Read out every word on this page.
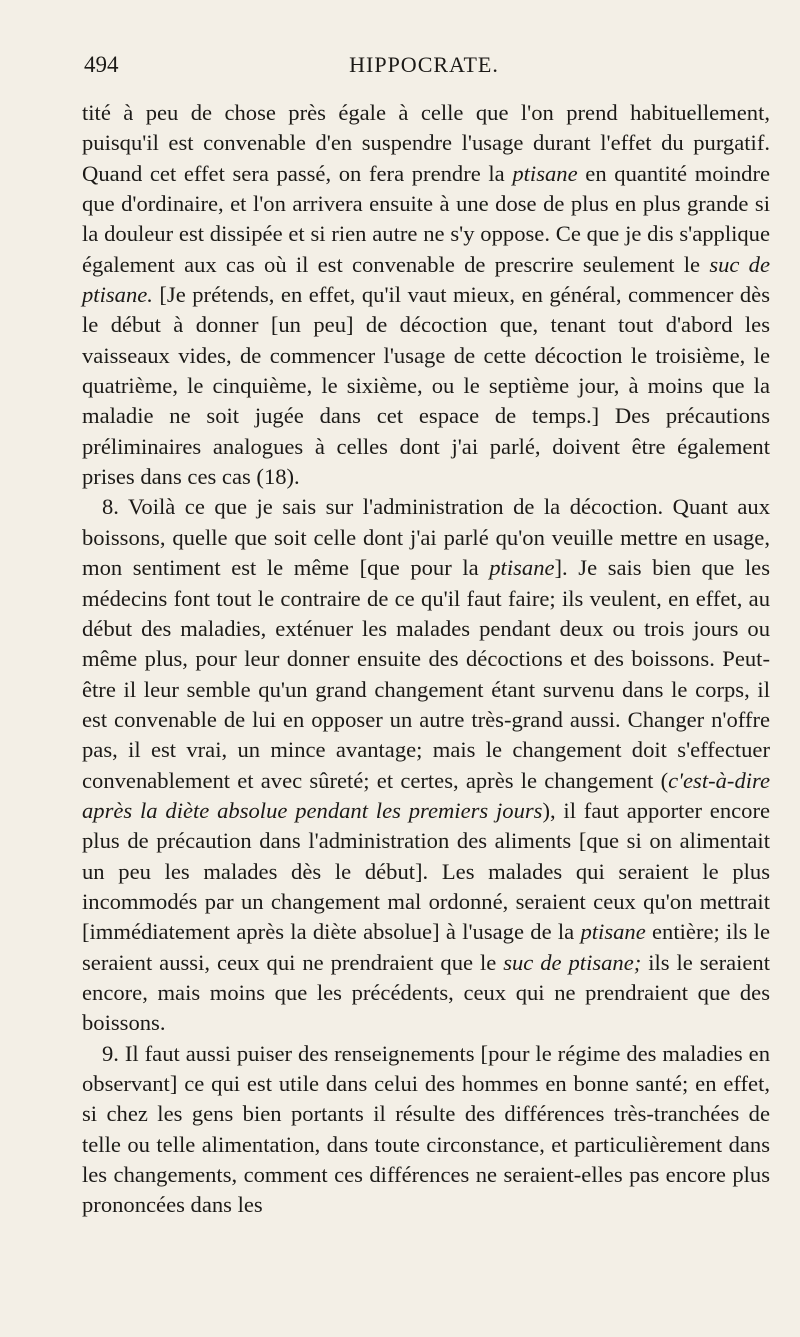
494	HIPPOCRATE.

tité à peu de chose près égale à celle que l'on prend habituellement, puisqu'il est convenable d'en suspendre l'usage durant l'effet du purgatif. Quand cet effet sera passé, on fera prendre la ptisane en quantité moindre que d'ordinaire, et l'on arrivera ensuite à une dose de plus en plus grande si la douleur est dissipée et si rien autre ne s'y oppose. Ce que je dis s'applique également aux cas où il est convenable de prescrire seulement le suc de ptisane. [Je prétends, en effet, qu'il vaut mieux, en général, commencer dès le début à donner [un peu] de décoction que, tenant tout d'abord les vaisseaux vides, de commencer l'usage de cette décoction le troisième, le quatrième, le cinquième, le sixième, ou le septième jour, à moins que la maladie ne soit jugée dans cet espace de temps.] Des précautions préliminaires analogues à celles dont j'ai parlé, doivent être également prises dans ces cas (18).

8. Voilà ce que je sais sur l'administration de la décoction. Quant aux boissons, quelle que soit celle dont j'ai parlé qu'on veuille mettre en usage, mon sentiment est le même [que pour la ptisane]. Je sais bien que les médecins font tout le contraire de ce qu'il faut faire; ils veulent, en effet, au début des maladies, exténuer les malades pendant deux ou trois jours ou même plus, pour leur donner ensuite des décoctions et des boissons. Peut-être il leur semble qu'un grand changement étant survenu dans le corps, il est convenable de lui en opposer un autre très-grand aussi. Changer n'offre pas, il est vrai, un mince avantage; mais le changement doit s'effectuer convenablement et avec sûreté; et certes, après le changement (c'est-à-dire après la diète absolue pendant les premiers jours), il faut apporter encore plus de précaution dans l'administration des aliments [que si on alimentait un peu les malades dès le début]. Les malades qui seraient le plus incommodés par un changement mal ordonné, seraient ceux qu'on mettrait [immédiatement après la diète absolue] à l'usage de la ptisane entière; ils le seraient aussi, ceux qui ne prendraient que le suc de ptisane; ils le seraient encore, mais moins que les précédents, ceux qui ne prendraient que des boissons.

9. Il faut aussi puiser des renseignements [pour le régime des maladies en observant] ce qui est utile dans celui des hommes en bonne santé; en effet, si chez les gens bien portants il résulte des différences très-tranchées de telle ou telle alimentation, dans toute circonstance, et particulièrement dans les changements, comment ces différences ne seraient-elles pas encore plus prononcées dans les
